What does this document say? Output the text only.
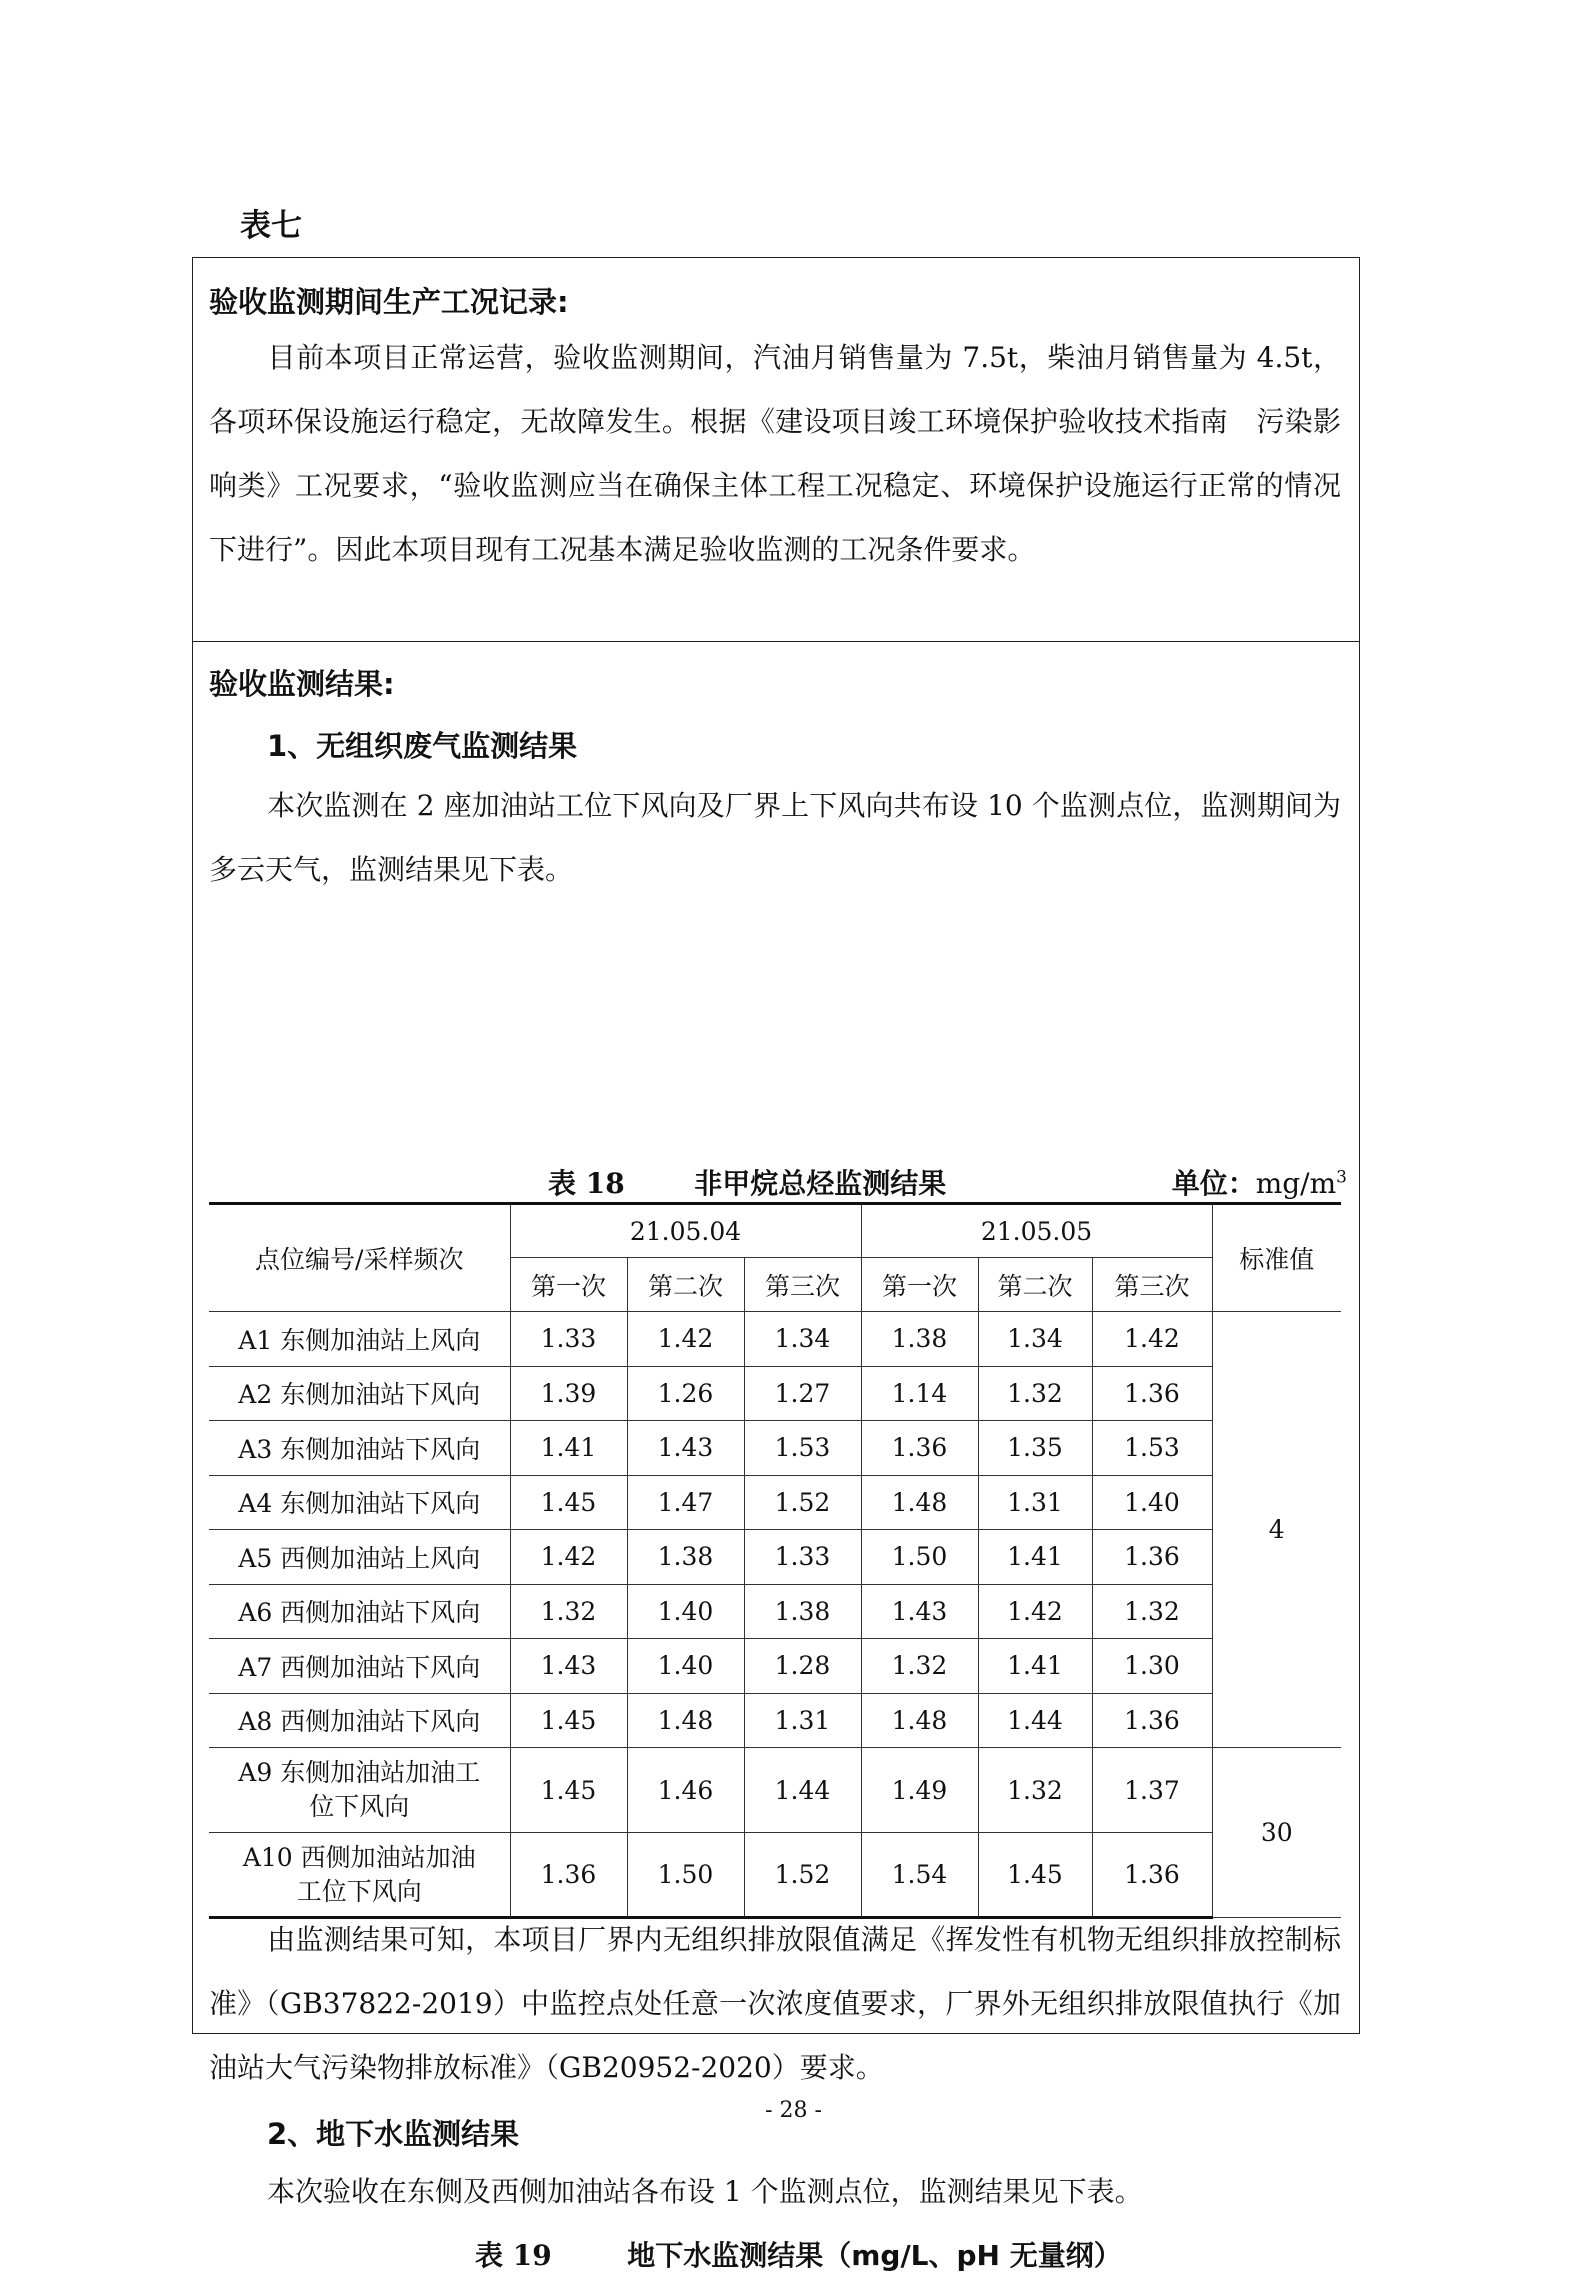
表七
验收监测期间生产工况记录:
目前本项目正常运营，验收监测期间，汽油月销售量为 7.5t，柴油月销售量为 4.5t，各项环保设施运行稳定，无故障发生。根据《建设项目竣工环境保护验收技术指南　污染影响类》工况要求，“验收监测应当在确保主体工程工况稳定、环境保护设施运行正常的情况下进行”。因此本项目现有工况基本满足验收监测的工况条件要求。
验收监测结果:
1、无组织废气监测结果
本次监测在 2 座加油站工位下风向及厂界上下风向共布设 10 个监测点位，监测期间为多云天气，监测结果见下表。
表 18 非甲烷总烃监测结果	单位：$mg/m^3$
点位编号/采样频次	21.05.04			21.05.05			标准值
	第一次	第二次	第三次	第一次	第二次	第三次	
A1 东侧加油站上风向	1.33	1.42	1.34	1.38	1.34	1.42	4
A2 东侧加油站下风向	1.39	1.26	1.27	1.14	1.32	1.36	
A3 东侧加油站下风向	1.41	1.43	1.53	1.36	1.35	1.53	
A4 东侧加油站下风向	1.45	1.47	1.52	1.48	1.31	1.40	
A5 西侧加油站上风向	1.42	1.38	1.33	1.50	1.41	1.36	
A6 西侧加油站下风向	1.32	1.40	1.38	1.43	1.42	1.32	
A7 西侧加油站下风向	1.43	1.40	1.28	1.32	1.41	1.30	
A8 西侧加油站下风向	1.45	1.48	1.31	1.48	1.44	1.36	
A9 东侧加油站加油工
位下风向	1.45	1.46	1.44	1.49	1.32	1.37	30
A10 西侧加油站加油
工位下风向	1.36	1.50	1.52	1.54	1.45	1.36	
由监测结果可知，本项目厂界内无组织排放限值满足《挥发性有机物无组织排放控制标准》（GB37822-2019）中监控点处任意一次浓度值要求，厂界外无组织排放限值执行《加油站大气污染物排放标准》（GB20952-2020）要求。
2、地下水监测结果
本次验收在东侧及西侧加油站各布设 1 个监测点位，监测结果见下表。
表 19	地下水监测结果（mg/L、pH 无量纲）
- 28 -
